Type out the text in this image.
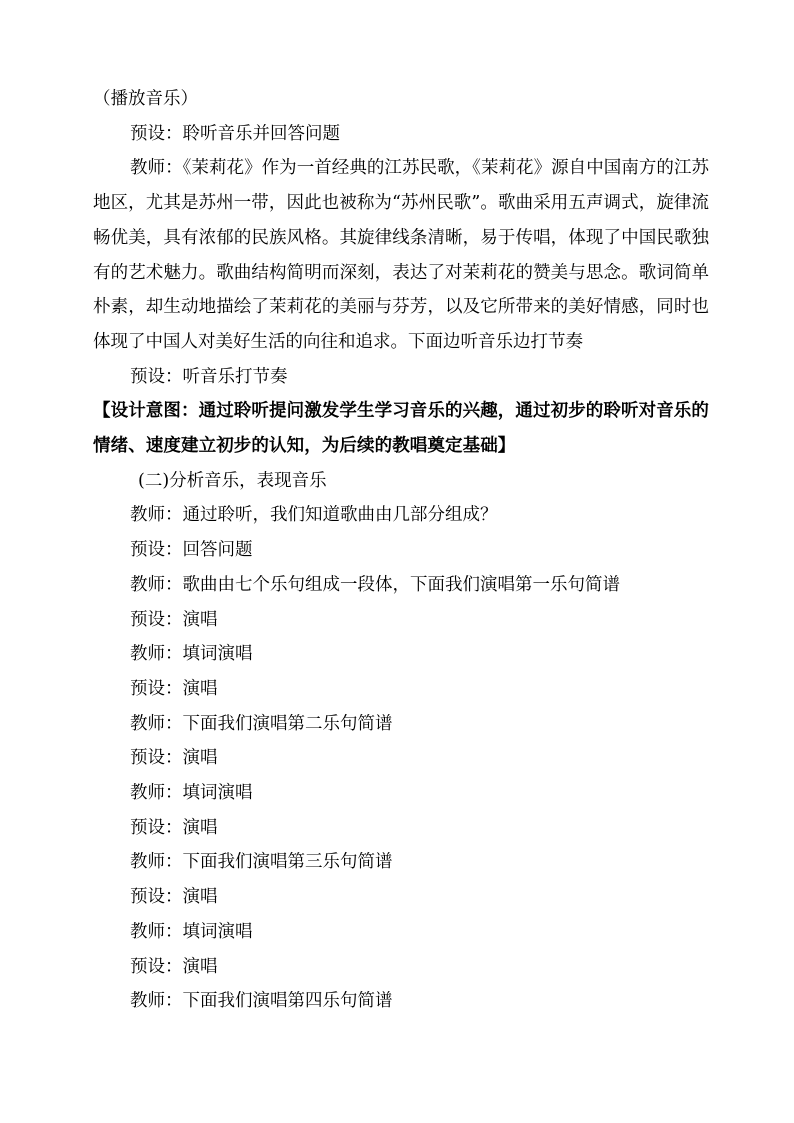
（播放音乐）
预设：聆听音乐并回答问题
教师：《茉莉花》作为一首经典的江苏民歌，《茉莉花》源自中国南方的江苏地区，尤其是苏州一带，因此也被称为“苏州民歌”。歌曲采用五声调式，旋律流畅优美，具有浓郁的民族风格。其旋律线条清晰，易于传唱，体现了中国民歌独有的艺术魅力。歌曲结构简明而深刻，表达了对茉莉花的赞美与思念。歌词简单朴素，却生动地描绘了茉莉花的美丽与芬芳，以及它所带来的美好情感，同时也体现了中国人对美好生活的向往和追求。下面边听音乐边打节奏
预设：听音乐打节奏
【设计意图：通过聆听提问激发学生学习音乐的兴趣，通过初步的聆听对音乐的情绪、速度建立初步的认知，为后续的教唱奠定基础】
(二)分析音乐，表现音乐
教师：通过聆听，我们知道歌曲由几部分组成？
预设：回答问题
教师：歌曲由七个乐句组成一段体，下面我们演唱第一乐句简谱
预设：演唱
教师：填词演唱
预设：演唱
教师：下面我们演唱第二乐句简谱
预设：演唱
教师：填词演唱
预设：演唱
教师：下面我们演唱第三乐句简谱
预设：演唱
教师：填词演唱
预设：演唱
教师：下面我们演唱第四乐句简谱
